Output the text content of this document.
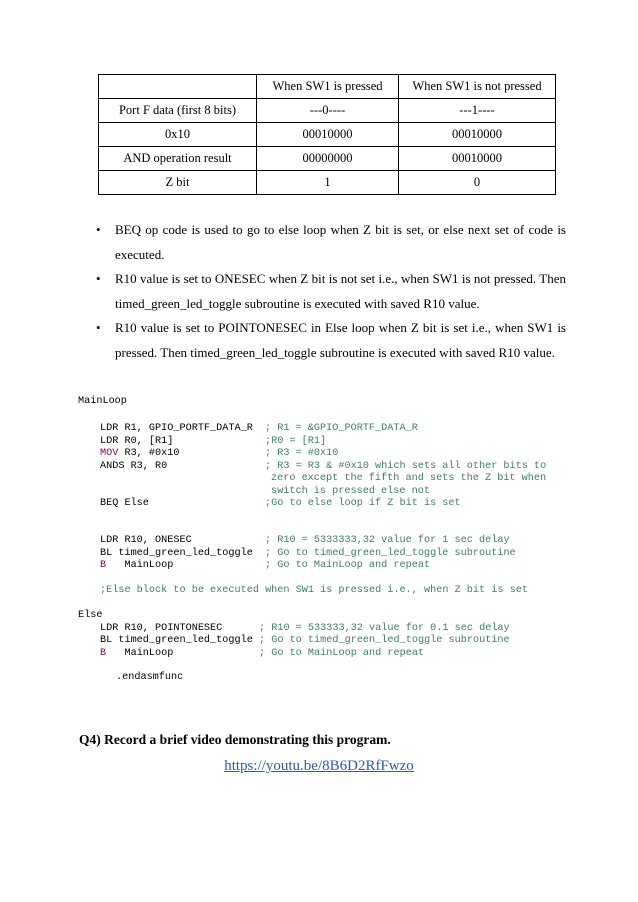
	When SW1 is pressed	When SW1 is not pressed
Port F data (first 8 bits)	---0----	---1----
0x10	00010000	00010000
AND operation result	00000000	00010000
Z bit	1	0
• BEQ op code is used to go to else loop when Z bit is set, or else next set of code is executed.
• R10 value is set to ONESEC when Z bit is not set i.e., when SW1 is not pressed. Then timed_green_led_toggle subroutine is executed with saved R10 value.
• R10 value is set to POINTONESEC in Else loop when Z bit is set i.e., when SW1 is pressed. Then timed_green_led_toggle subroutine is executed with saved R10 value.
MainLoop
LDR R1, GPIO_PORTF_DATA_R ; R1 = &GPIO_PORTF_DATA_R
LDR R0, [R1]	;R0 = [R1]
MOV R3, #0x10	; R3 = #0x10
ANDS R3, R0	; R3 = R3 & #0x10 which sets all other bits to
zero except the fifth and sets the Z bit when
switch is pressed else not
BEQ Else	;Go to else loop if Z bit is set
LDR R10, ONESEC	; R10 = 5333333,32 value for 1 sec delay
BL timed_green_led_toggle ; Go to timed_green_led_toggle subroutine
B   MainLoop	; Go to MainLoop and repeat
;Else block to be executed when SW1 is pressed i.e., when Z bit is set
Else
LDR R10, POINTONESEC	; R10 = 533333,32 value for 0.1 sec delay
BL timed_green_led_toggle ; Go to timed_green_led_toggle subroutine
B   MainLoop	; Go to MainLoop and repeat
.endasmfunc

Q4) Record a brief video demonstrating this program.

https://youtu.be/8B6D2RfFwzo
